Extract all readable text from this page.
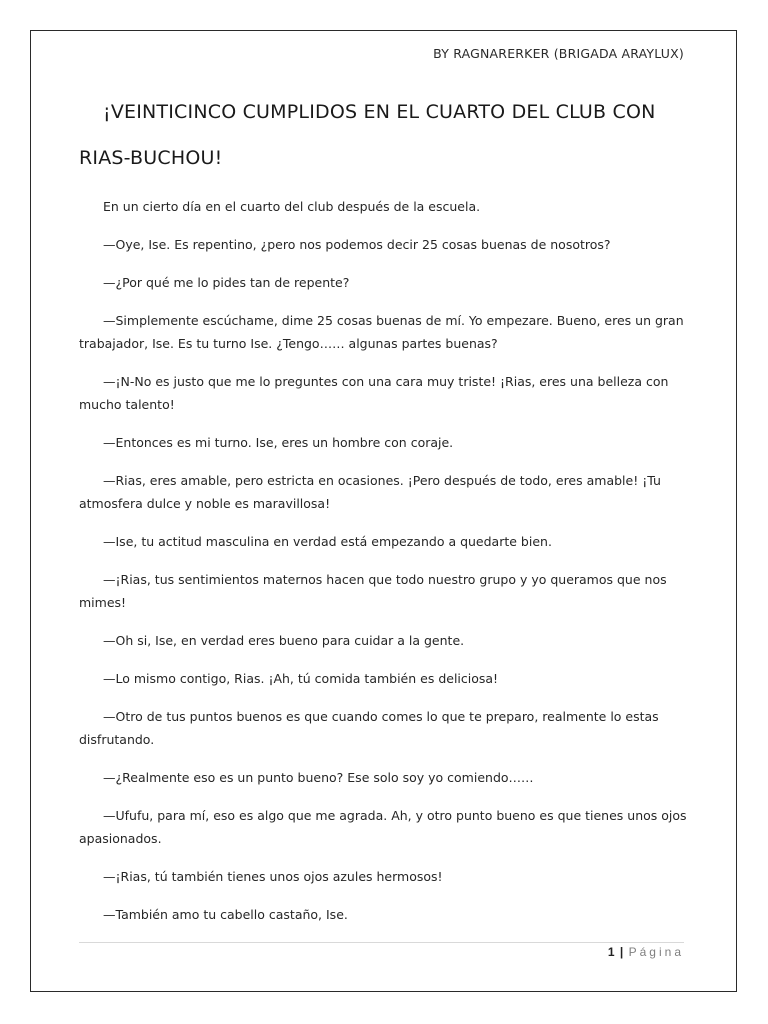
BY RAGNARERKER (BRIGADA ARAYLUX)
¡VEINTICINCO CUMPLIDOS EN EL CUARTO DEL CLUB CON RIAS-BUCHOU!

En un cierto día en el cuarto del club después de la escuela.

—Oye, Ise. Es repentino, ¿pero nos podemos decir 25 cosas buenas de nosotros?

—¿Por qué me lo pides tan de repente?

—Simplemente escúchame, dime 25 cosas buenas de mí. Yo empezare. Bueno, eres un gran trabajador, Ise. Es tu turno Ise. ¿Tengo…… algunas partes buenas?

—¡N-No es justo que me lo preguntes con una cara muy triste! ¡Rias, eres una belleza con mucho talento!

—Entonces es mi turno. Ise, eres un hombre con coraje.

—Rias, eres amable, pero estricta en ocasiones. ¡Pero después de todo, eres amable! ¡Tu atmosfera dulce y noble es maravillosa!

—Ise, tu actitud masculina en verdad está empezando a quedarte bien.

—¡Rias, tus sentimientos maternos hacen que todo nuestro grupo y yo queramos que nos mimes!

—Oh si, Ise, en verdad eres bueno para cuidar a la gente.

—Lo mismo contigo, Rias. ¡Ah, tú comida también es deliciosa!

—Otro de tus puntos buenos es que cuando comes lo que te preparo, realmente lo estas disfrutando.

—¿Realmente eso es un punto bueno? Ese solo soy yo comiendo……

—Ufufu, para mí, eso es algo que me agrada. Ah, y otro punto bueno es que tienes unos ojos apasionados.

—¡Rias, tú también tienes unos ojos azules hermosos!

—También amo tu cabello castaño, Ise.

1 | Página
